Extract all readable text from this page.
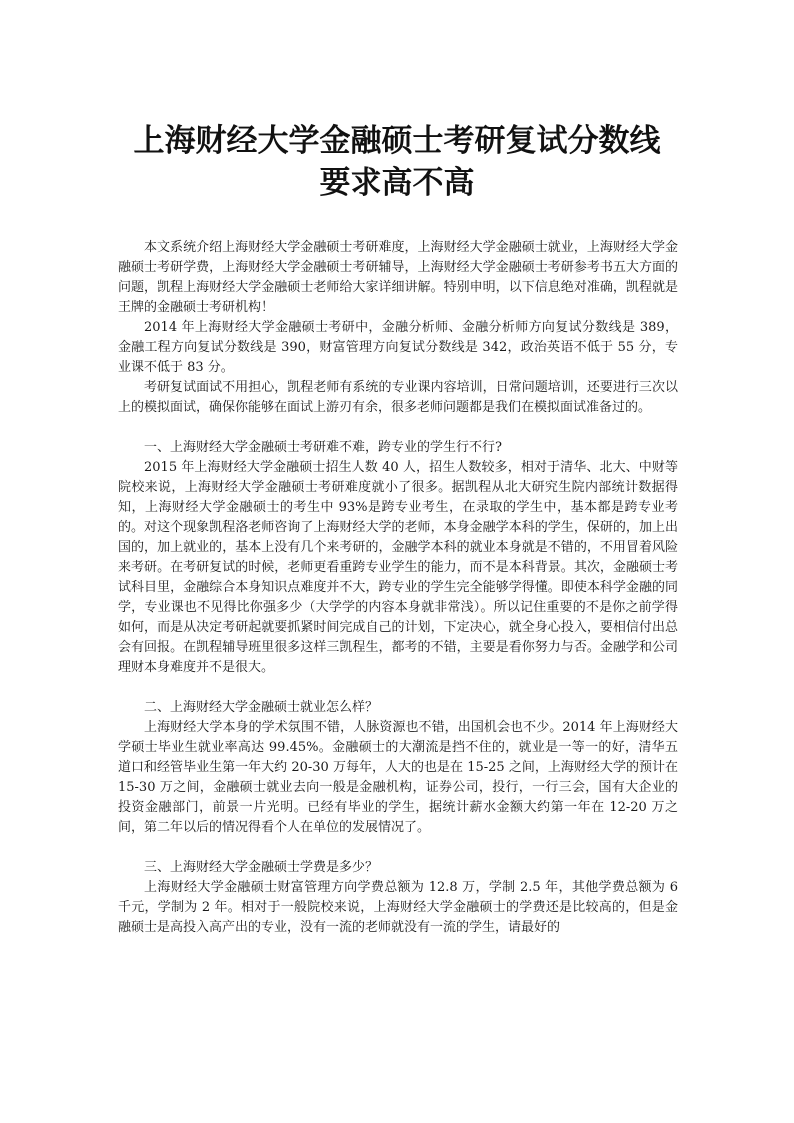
上海财经大学金融硕士考研复试分数线
要求高不高

本文系统介绍上海财经大学金融硕士考研难度，上海财经大学金融硕士就业，上海财经大学金融硕士考研学费，上海财经大学金融硕士考研辅导，上海财经大学金融硕士考研参考书五大方面的问题，凯程上海财经大学金融硕士老师给大家详细讲解。特别申明，以下信息绝对准确，凯程就是王牌的金融硕士考研机构！

2014 年上海财经大学金融硕士考研中，金融分析师、金融分析师方向复试分数线是 389，金融工程方向复试分数线是 390，财富管理方向复试分数线是 342，政治英语不低于 55 分，专业课不低于 83 分。

考研复试面试不用担心，凯程老师有系统的专业课内容培训，日常问题培训，还要进行三次以上的模拟面试，确保你能够在面试上游刃有余，很多老师问题都是我们在模拟面试准备过的。

一、上海财经大学金融硕士考研难不难，跨专业的学生行不行?

2015 年上海财经大学金融硕士招生人数 40 人，招生人数较多，相对于清华、北大、中财等院校来说，上海财经大学金融硕士考研难度就小了很多。据凯程从北大研究生院内部统计数据得知，上海财经大学金融硕士的考生中 93%是跨专业考生，在录取的学生中，基本都是跨专业考的。对这个现象凯程洛老师咨询了上海财经大学的老师，本身金融学本科的学生，保研的，加上出国的，加上就业的，基本上没有几个来考研的，金融学本科的就业本身就是不错的，不用冒着风险来考研。在考研复试的时候，老师更看重跨专业学生的能力，而不是本科背景。其次，金融硕士考试科目里，金融综合本身知识点难度并不大，跨专业的学生完全能够学得懂。即使本科学金融的同学，专业课也不见得比你强多少（大学学的内容本身就非常浅）。所以记住重要的不是你之前学得如何，而是从决定考研起就要抓紧时间完成自己的计划，下定决心，就全身心投入，要相信付出总会有回报。在凯程辅导班里很多这样三凯程生，都考的不错，主要是看你努力与否。金融学和公司理财本身难度并不是很大。

二、上海财经大学金融硕士就业怎么样？

上海财经大学本身的学术氛围不错，人脉资源也不错，出国机会也不少。2014 年上海财经大学硕士毕业生就业率高达 99.45%。金融硕士的大潮流是挡不住的，就业是一等一的好，清华五道口和经管毕业生第一年大约 20-30 万每年，人大的也是在 15-25 之间，上海财经大学的预计在 15-30 万之间，金融硕士就业去向一般是金融机构，证券公司，投行，一行三会，国有大企业的投资金融部门，前景一片光明。已经有毕业的学生，据统计薪水金额大约第一年在 12-20 万之间，第二年以后的情况得看个人在单位的发展情况了。

三、上海财经大学金融硕士学费是多少？

上海财经大学金融硕士财富管理方向学费总额为 12.8 万，学制 2.5 年，其他学费总额为 6 千元，学制为 2 年。相对于一般院校来说，上海财经大学金融硕士的学费还是比较高的，但是金融硕士是高投入高产出的专业，没有一流的老师就没有一流的学生，请最好的
